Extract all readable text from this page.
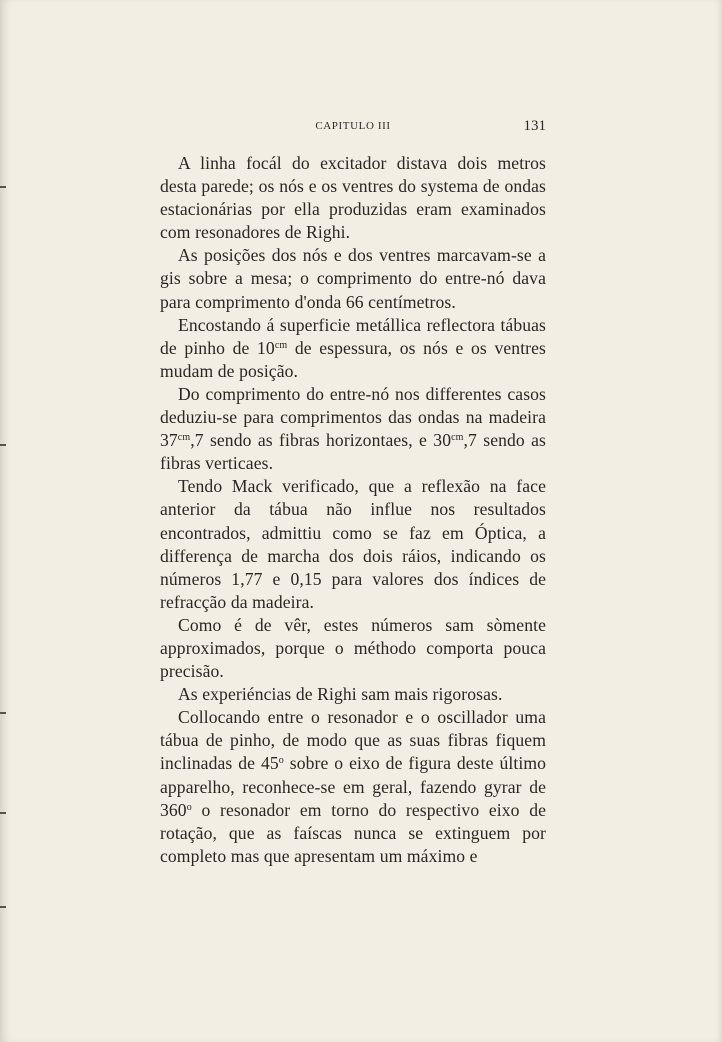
CAPITULO III	131

A linha focál do excitador distava dois metros desta parede; os nós e os ventres do systema de ondas estacionárias por ella produzidas eram examinados com resonadores de Righi.

As posições dos nós e dos ventres marcavam-se a gis sobre a mesa; o comprimento do entre-nó dava para comprimento d'onda 66 centímetros.

Encostando á superficie metállica reflectora tábuas de pinho de $10^{cm}$ de espessura, os nós e os ventres mudam de posição.

Do comprimento do entre-nó nos differentes casos deduziu-se para comprimentos das ondas na madeira $37^{cm},7$ sendo as fibras horizontaes, e $30^{cm},7$ sendo as fibras verticaes.

Tendo Mack verificado, que a reflexão na face anterior da tábua não influe nos resultados encontrados, admittiu como se faz em Óptica, a differença de marcha dos dois ráios, indicando os números 1,77 e 0,15 para valores dos índices de refracção da madeira.

Como é de vêr, estes números sam sòmente approximados, porque o méthodo comporta pouca precisão.

As experiéncias de Righi sam mais rigorosas.

Collocando entre o resonador e o oscillador uma tábua de pinho, de modo que as suas fibras fiquem inclinadas de 45$^o$ sobre o eixo de figura deste último apparelho, reconhece-se em geral, fazendo gyrar de 360$^o$ o resonador em torno do respectivo eixo de rotação, que as faíscas nunca se extinguem por completo mas que apresentam um máximo e
